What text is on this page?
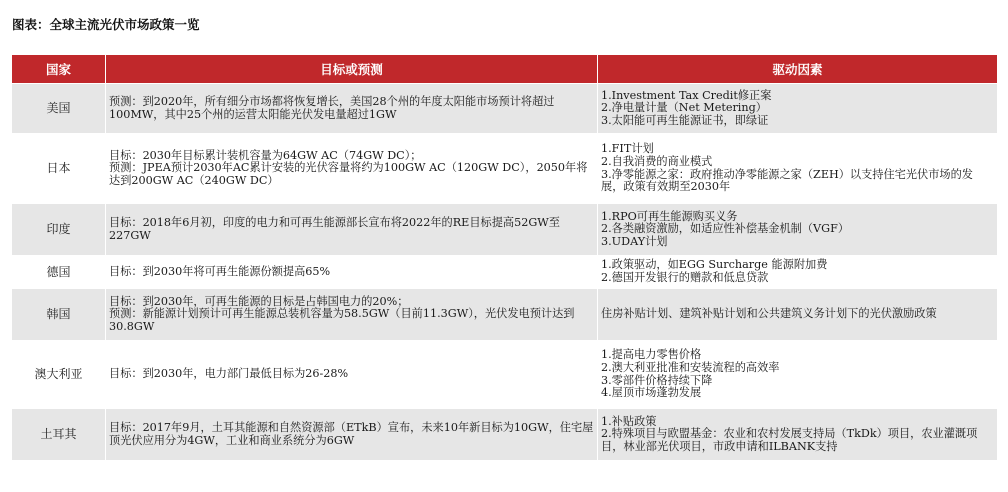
图表：全球主流光伏市场政策一览
国家	目标或预测	驱动因素
美国	预测：到2020年，所有细分市场都将恢复增长，美国28个州的年度太阳能市场预计将超过100MW，其中25个州的运营太阳能光伏发电量超过1GW	1.Investment Tax Credit修正案
2.净电量计量（Net Metering）
3.太阳能可再生能源证书，即绿证

日本	目标：2030年目标累计装机容量为64GW AC（74GW DC）；
预测：JPEA预计2030年AC累计安装的光伏容量将约为100GW AC（120GW DC），2050年将达到200GW AC（240GW DC）	1.FIT计划
2.自我消费的商业模式
3.净零能源之家：政府推动净零能源之家（ZEH）以支持住宅光伏市场的发展，政策有效期至2030年

印度	目标：2018年6月初，印度的电力和可再生能源部长宣布将2022年的RE目标提高52GW至227GW	1.RPO可再生能源购买义务
2.各类融资激励，如适应性补偿基金机制（VGF）
3.UDAY计划

德国	目标：到2030年将可再生能源份额提高65%	1.政策驱动，如EGG Surcharge 能源附加费
2.德国开发银行的赠款和低息贷款

韩国	目标：到2030年，可再生能源的目标是占韩国电力的20%；
预测：新能源计划预计可再生能源总装机容量为58.5GW（目前11.3GW），光伏发电预计达到30.8GW	住房补贴计划、建筑补贴计划和公共建筑义务计划下的光伏激励政策

澳大利亚	目标：到2030年，电力部门最低目标为26-28%	1.提高电力零售价格
2.澳大利亚批准和安装流程的高效率
3.零部件价格持续下降
4.屋顶市场蓬勃发展

土耳其	目标：2017年9月，土耳其能源和自然资源部（ETkB）宣布，未来10年新目标为10GW，住宅屋顶光伏应用分为4GW，工业和商业系统分为6GW	1.补贴政策
2.特殊项目与欧盟基金：农业和农村发展支持局（TkDk）项目，农业灌溉项目，林业部光伏项目，市政申请和ILBANK支持
